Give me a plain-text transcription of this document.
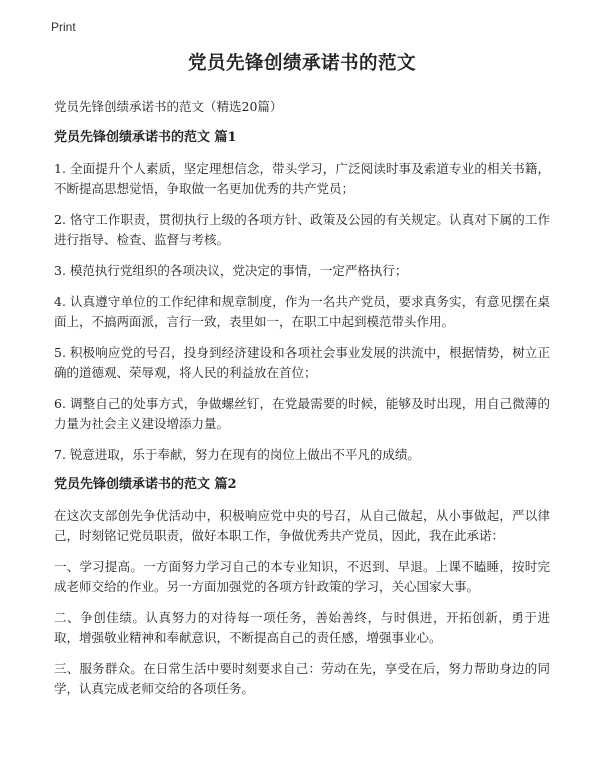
Print
党员先锋创绩承诺书的范文

党员先锋创绩承诺书的范文（精选20篇）

党员先锋创绩承诺书的范文 篇1

1. 全面提升个人素质，坚定理想信念，带头学习，广泛阅读时事及索道专业的相关书籍，不断提高思想觉悟，争取做一名更加优秀的共产党员；

2. 恪守工作职责，贯彻执行上级的各项方针、政策及公园的有关规定。认真对下属的工作进行指导、检查、监督与考核。

3. 模范执行党组织的各项决议，党决定的事情，一定严格执行；

4. 认真遵守单位的工作纪律和规章制度，作为一名共产党员，要求真务实，有意见摆在桌面上，不搞两面派，言行一致，表里如一，在职工中起到模范带头作用。

5. 积极响应党的号召，投身到经济建设和各项社会事业发展的洪流中，根据情势，树立正确的道德观、荣辱观，将人民的利益放在首位；

6. 调整自己的处事方式，争做螺丝钉，在党最需要的时候，能够及时出现，用自己微薄的力量为社会主义建设增添力量。

7. 锐意进取，乐于奉献，努力在现有的岗位上做出不平凡的成绩。

党员先锋创绩承诺书的范文 篇2

在这次支部创先争优活动中，积极响应党中央的号召，从自己做起，从小事做起，严以律己，时刻铭记党员职责，做好本职工作，争做优秀共产党员，因此，我在此承诺：

一、学习提高。一方面努力学习自己的本专业知识，不迟到、早退。上课不瞌睡，按时完成老师交给的作业。另一方面加强党的各项方针政策的学习，关心国家大事。

二、争创佳绩。认真努力的对待每一项任务，善始善终，与时俱进，开拓创新，勇于进取，增强敬业精神和奉献意识，不断提高自己的责任感，增强事业心。

三、服务群众。在日常生活中要时刻要求自己：劳动在先，享受在后，努力帮助身边的同学，认真完成老师交给的各项任务。
